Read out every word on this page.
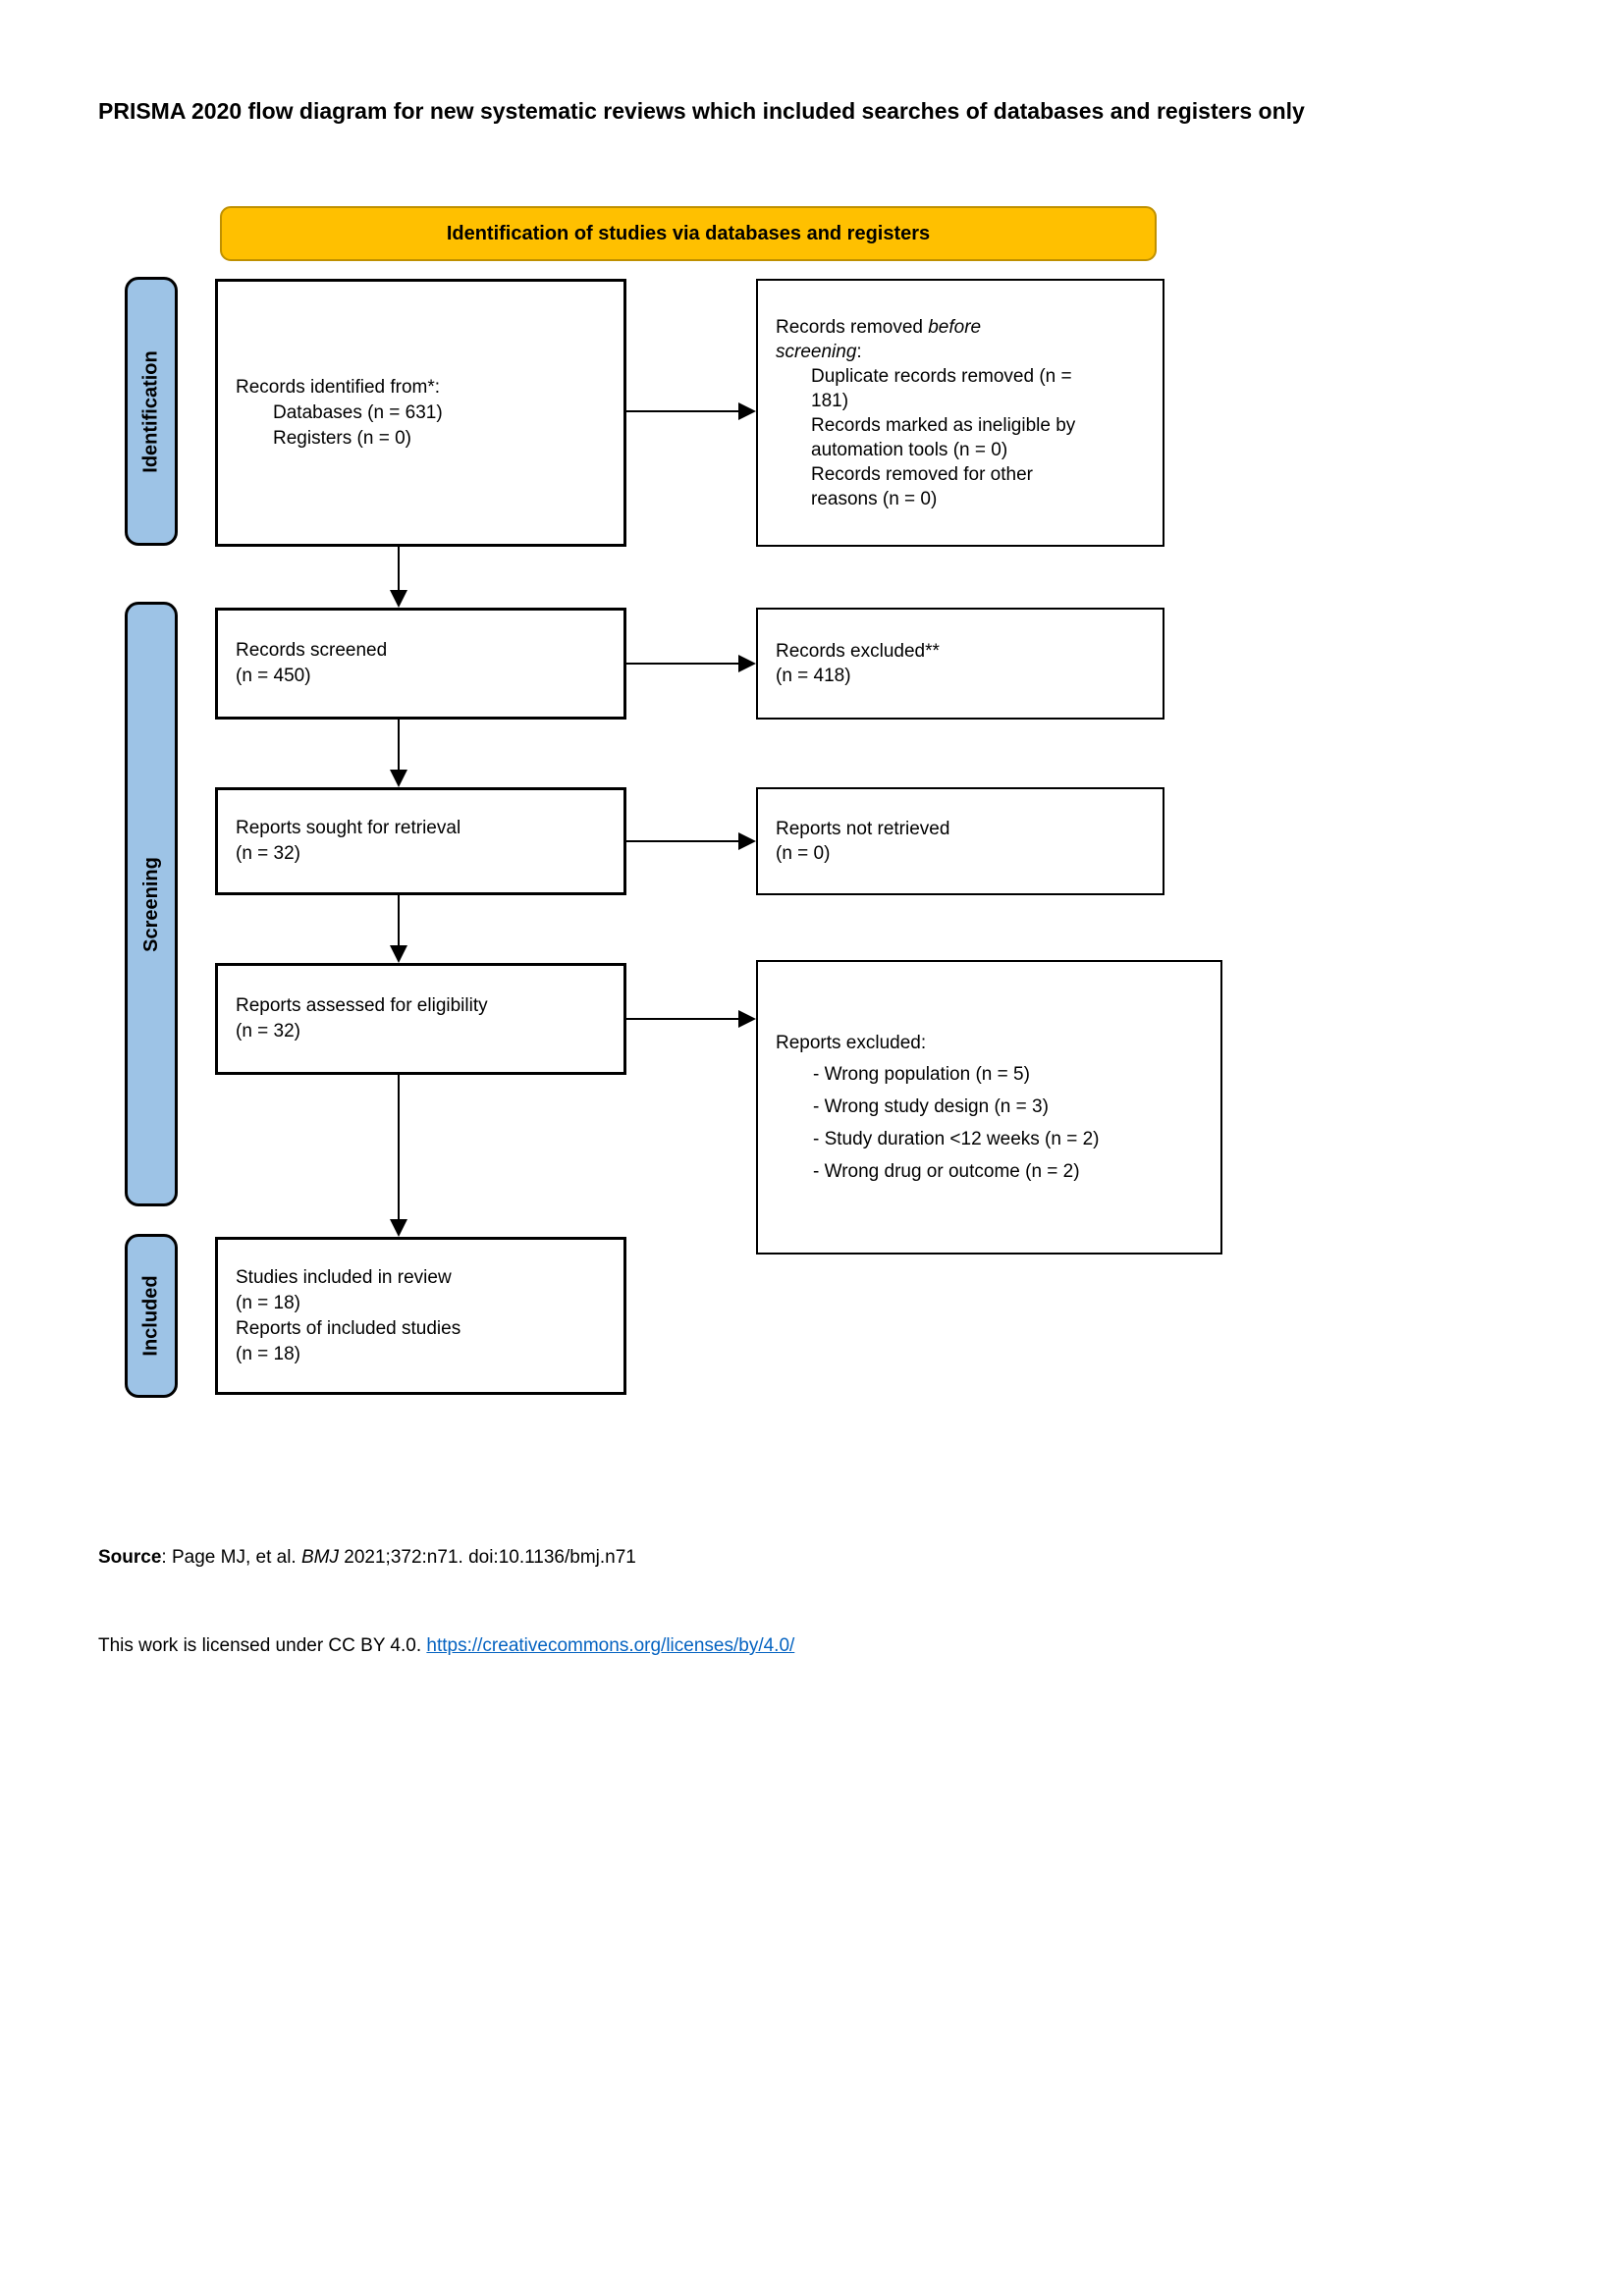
PRISMA 2020 flow diagram for new systematic reviews which included searches of databases and registers only
Identification of studies via databases and registers
Identification
Screening
Included
Records identified from*:
Databases (n = 631)
Registers (n = 0)
Records removed before screening:
Duplicate records removed (n = 181)
Records marked as ineligible by automation tools (n = 0)
Records removed for other reasons (n = 0)
Records screened
(n = 450)
Records excluded**
(n = 418)
Reports sought for retrieval
(n = 32)
Reports not retrieved
(n = 0)
Reports assessed for eligibility
(n = 32)
Reports excluded:
- Wrong population (n = 5)
- Wrong study design (n = 3)
- Study duration <12 weeks (n = 2)
- Wrong drug or outcome (n = 2)
Studies included in review
(n = 18)
Reports of included studies
(n = 18)

Source: Page MJ, et al. BMJ 2021;372:n71. doi:10.1136/bmj.n71

This work is licensed under CC BY 4.0. https://creativecommons.org/licenses/by/4.0/
